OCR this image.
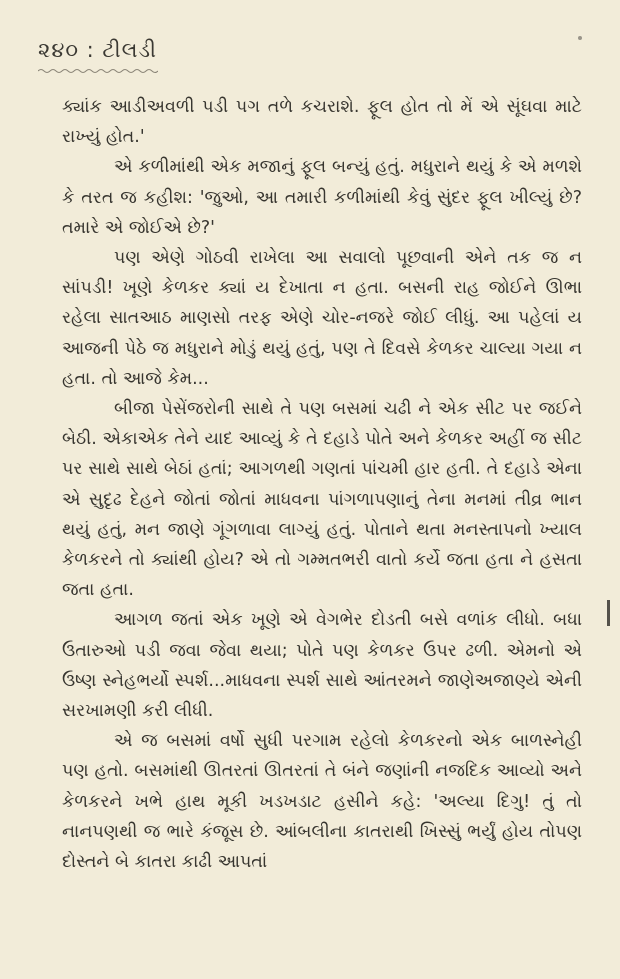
૨૪૦ : ટીલડી

ક્યાંક આડીઅવળી પડી પગ તળે કચરાશે. ફૂલ હોત તો મેં એ સૂંઘવા માટે રાખ્યું હોત.'

એ કળીમાંથી એક મજાનું ફૂલ બન્યું હતું. મધુરાને થયું કે એ મળશે કે તરત જ કહીશ: 'જુઓ, આ તમારી કળીમાંથી કેવું સુંદર ફૂલ ખીલ્યું છે? તમારે એ જોઈએ છે?'

પણ એણે ગોઠવી રાખેલા આ સવાલો પૂછવાની એને તક જ ન સાંપડી! ખૂણે કેળકર ક્યાં ય દેખાતા ન હતા. બસની રાહ જોઈને ઊભા રહેલા સાતઆઠ માણસો તરફ એણે ચોર-નજરે જોઈ લીધું. આ પહેલાં ય આજની પેઠે જ મધુરાને મોડું થયું હતું, પણ તે દિવસે કેળકર ચાલ્યા ગયા ન હતા. તો આજે કેમ...

બીજા પેસેંજરોની સાથે તે પણ બસમાં ચઢી ને એક સીટ પર જઈને બેઠી. એકાએક તેને યાદ આવ્યું કે તે દહાડે પોતે અને કેળકર અહીં જ સીટ પર સાથે સાથે બેઠાં હતાં; આગળથી ગણતાં પાંચમી હાર હતી. તે દહાડે એના એ સુદૃઢ દેહને જોતાં જોતાં માધવના પાંગળાપણાનું તેના મનમાં તીવ્ર ભાન થયું હતું, મન જાણે ગૂંગળાવા લાગ્યું હતું. પોતાને થતા મનસ્તાપનો ખ્યાલ કેળકરને તો ક્યાંથી હોય? એ તો ગમ્મતભરી વાતો કર્યે જતા હતા ને હસતા જતા હતા.

આગળ જતાં એક ખૂણે એ વેગભેર દોડતી બસે વળાંક લીધો. બધા ઉતારુઓ પડી જવા જેવા થયા; પોતે પણ કેળકર ઉપર ઢળી. એમનો એ ઉષ્ણ સ્નેહભર્યો સ્પર્શ...માધવના સ્પર્શ સાથે આંતરમને જાણેઅજાણ્યે એની સરખામણી કરી લીધી.

એ જ બસમાં વર્ષો સુધી પરગામ રહેલો કેળકરનો એક બાળસ્નેહી પણ હતો. બસમાંથી ઊતરતાં ઊતરતાં તે બંને જણાંની નજદિક આવ્યો અને કેળકરને ખભે હાથ મૂકી ખડખડાટ હસીને કહે: 'અલ્યા દિગુ! તું તો નાનપણથી જ ભારે કંજૂસ છે. આંબલીના કાતરાથી ખિસ્સું ભર્યું હોય તોપણ દોસ્તને બે કાતરા કાઢી આપતાં
